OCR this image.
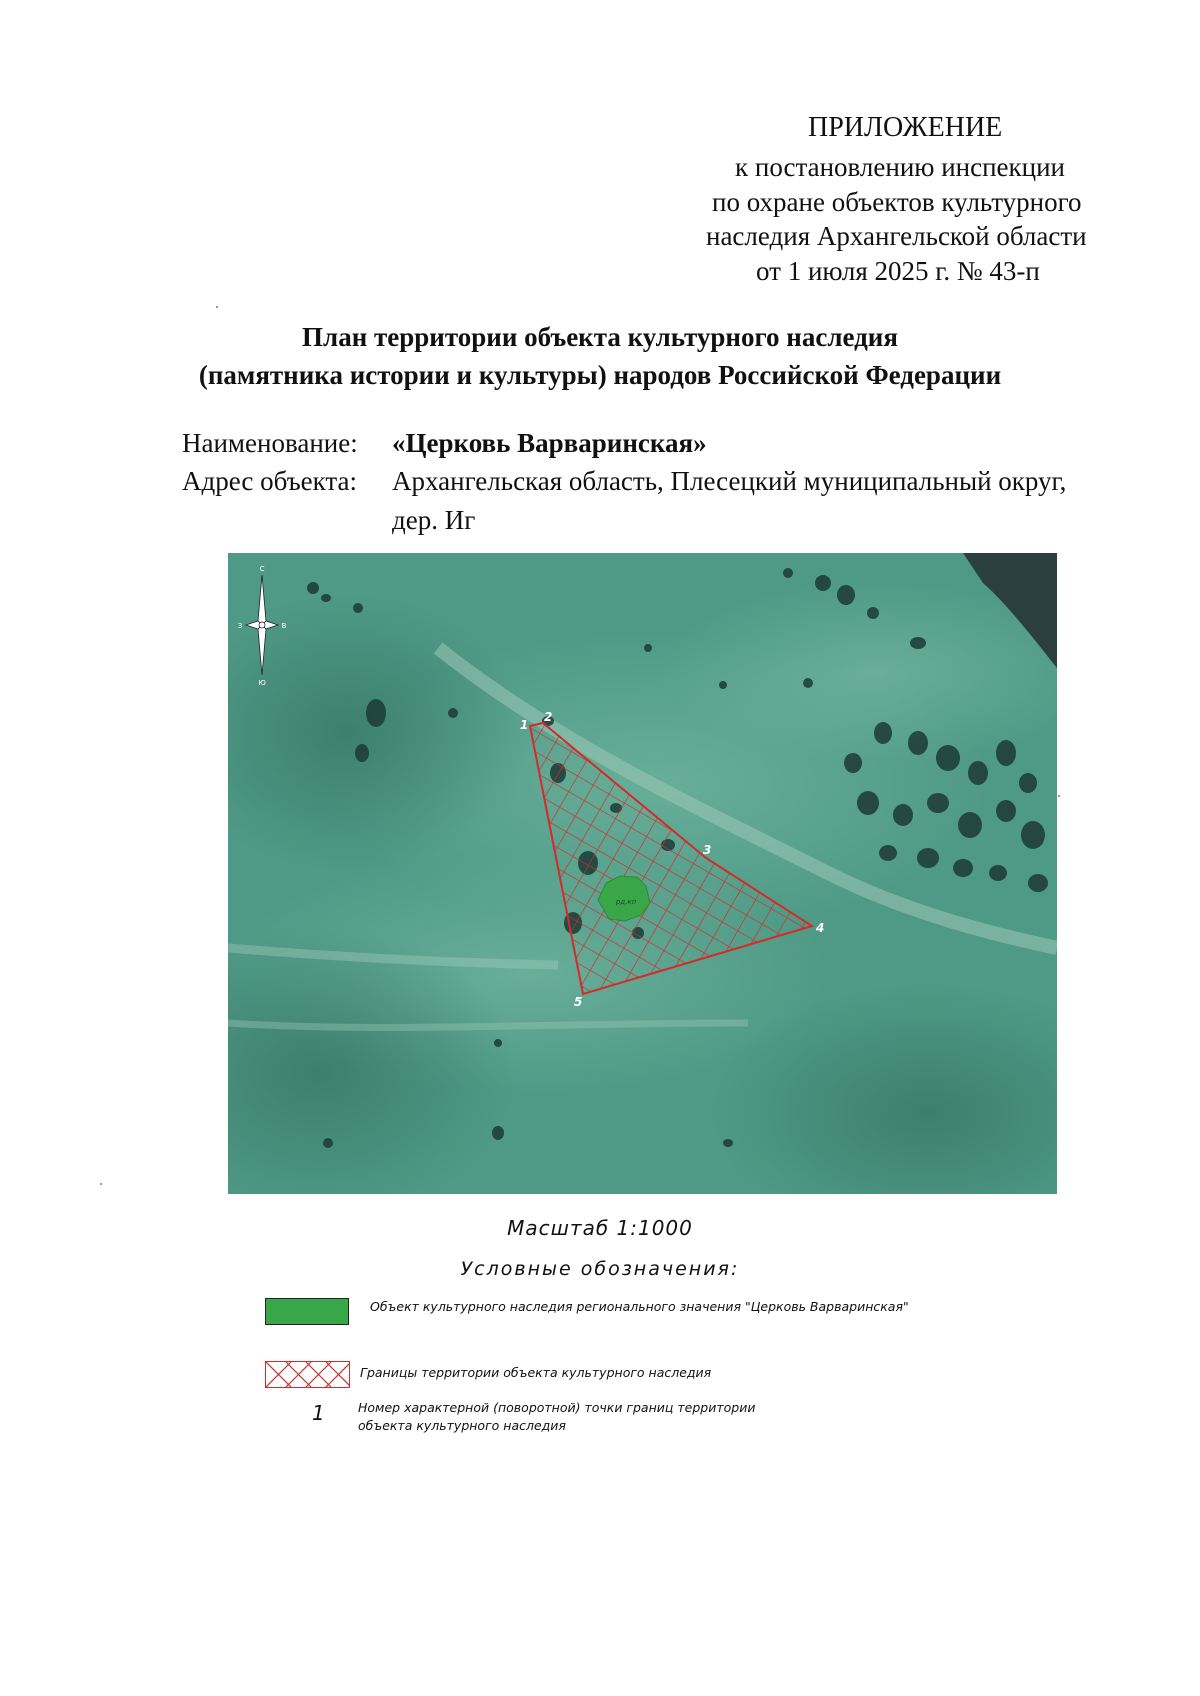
ПРИЛОЖЕНИЕ
к постановлению инспекции
по охране объектов культурного
наследия Архангельской области
от 1 июля 2025 г. № 43-п
План территории объекта культурного наследия
(памятника истории и культуры) народов Российской Федерации
Наименование: «Церковь Варваринская»
Адрес объекта: Архангельская область, Плесецкий муниципальный округ,
дер. Иг
рд.кп
1
2
3
4
5
С
Ю
З	В
Масштаб 1:1000
Условные обозначения:
Объект культурного наследия регионального значения "Церковь Варваринская"
Границы территории объекта культурного наследия
1	Номер характерной (поворотной) точки границ территории
объекта культурного наследия
